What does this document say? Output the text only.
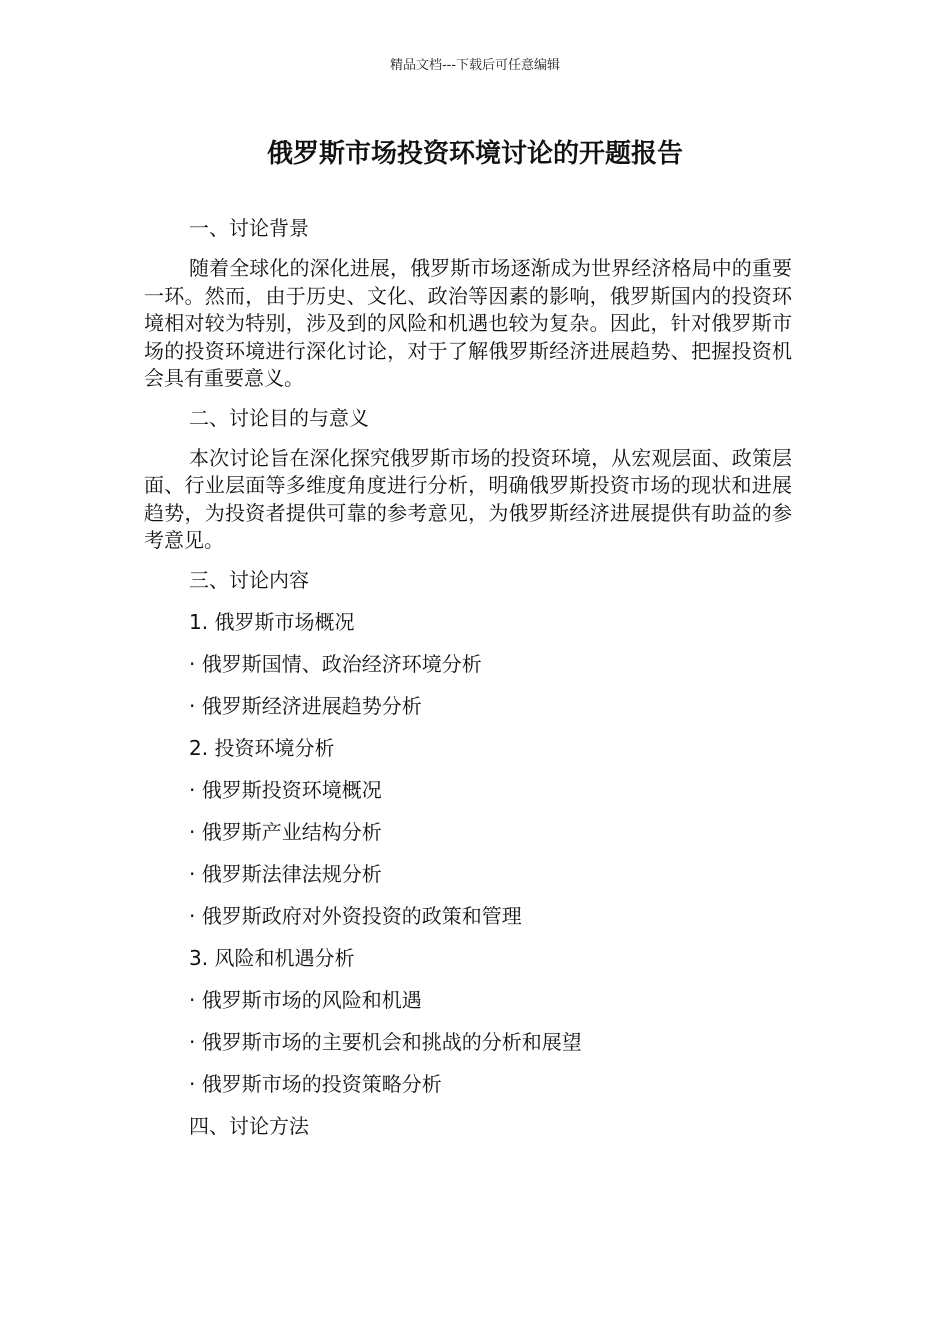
精品文档---下载后可任意编辑
俄罗斯市场投资环境讨论的开题报告

一、讨论背景

随着全球化的深化进展，俄罗斯市场逐渐成为世界经济格局中的重要一环。然而，由于历史、文化、政治等因素的影响，俄罗斯国内的投资环境相对较为特别，涉及到的风险和机遇也较为复杂。因此，针对俄罗斯市场的投资环境进行深化讨论，对于了解俄罗斯经济进展趋势、把握投资机会具有重要意义。

二、讨论目的与意义

本次讨论旨在深化探究俄罗斯市场的投资环境，从宏观层面、政策层面、行业层面等多维度角度进行分析，明确俄罗斯投资市场的现状和进展趋势，为投资者提供可靠的参考意见，为俄罗斯经济进展提供有助益的参考意见。

三、讨论内容

1. 俄罗斯市场概况

· 俄罗斯国情、政治经济环境分析

· 俄罗斯经济进展趋势分析

2. 投资环境分析

· 俄罗斯投资环境概况

· 俄罗斯产业结构分析

· 俄罗斯法律法规分析

· 俄罗斯政府对外资投资的政策和管理

3. 风险和机遇分析

· 俄罗斯市场的风险和机遇

· 俄罗斯市场的主要机会和挑战的分析和展望

· 俄罗斯市场的投资策略分析

四、讨论方法
